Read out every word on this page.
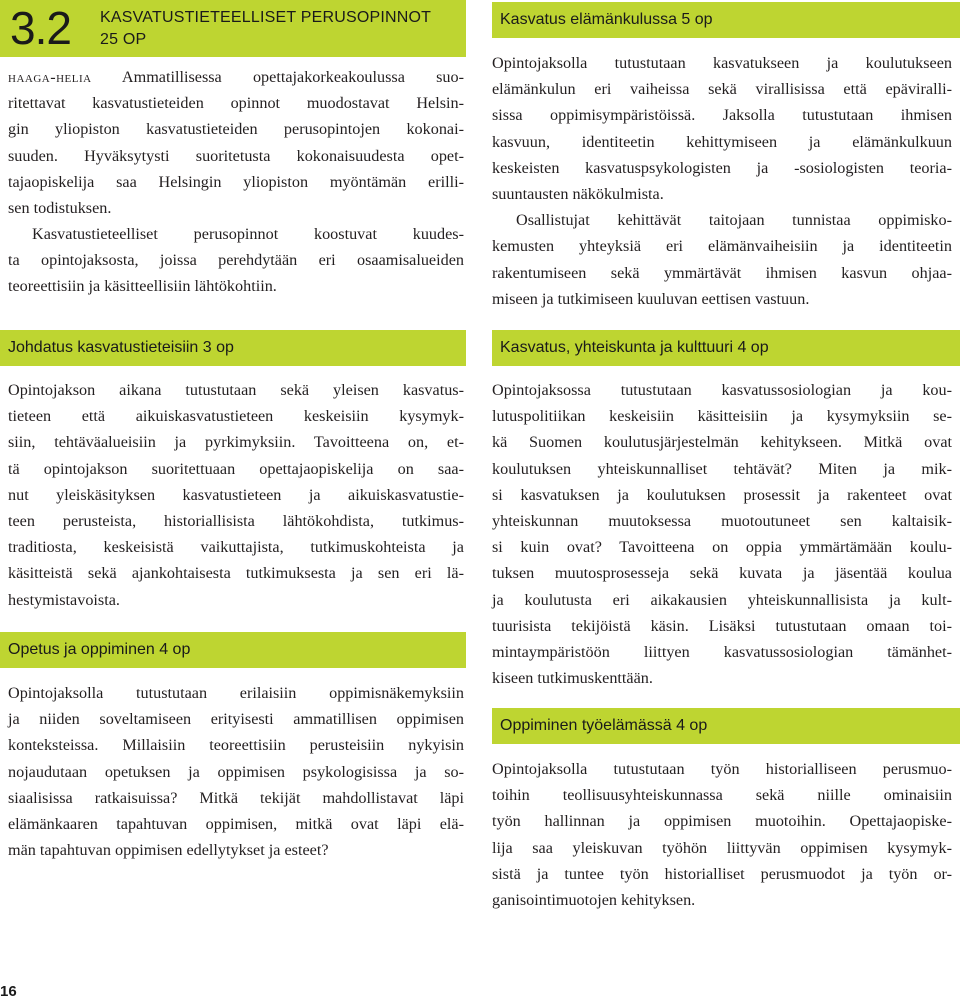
3.2 KASVATUSTIETEELLISET PERUSOPINNOT
25 OP
haaga-helia Ammatillisessa opettajakorkeakoulussa suo-
ritettavat kasvatustieteiden opinnot muodostavat Helsin-
gin yliopiston kasvatustieteiden perusopintojen kokonai-
suuden. Hyväksytysti suoritetusta kokonaisuudesta opet-
tajaopiskelija saa Helsingin yliopiston myöntämän erilli-
sen todistuksen.
Kasvatustieteelliset perusopinnot koostuvat kuudes-
ta opintojaksosta, joissa perehdytään eri osaamisalueiden
teoreettisiin ja käsitteellisiin lähtökohtiin.
Johdatus kasvatustieteisiin 3 op
Opintojakson aikana tutustutaan sekä yleisen kasvatus-
tieteen että aikuiskasvatustieteen keskeisiin kysymyk-
siin, tehtäväalueisiin ja pyrkimyksiin. Tavoitteena on, et-
tä opintojakson suoritettuaan opettajaopiskelija on saa-
nut yleiskäsityksen kasvatustieteen ja aikuiskasvatustie-
teen perusteista, historiallisista lähtökohdista, tutkimus-
traditiosta, keskeisistä vaikuttajista, tutkimuskohteista ja
käsitteistä sekä ajankohtaisesta tutkimuksesta ja sen eri lä-
hestymistavoista.
Opetus ja oppiminen 4 op
Opintojaksolla tutustutaan erilaisiin oppimisnäkemyksiin
ja niiden soveltamiseen erityisesti ammatillisen oppimisen
konteksteissa. Millaisiin teoreettisiin perusteisiin nykyisin
nojaudutaan opetuksen ja oppimisen psykologisissa ja so-
siaalisissa ratkaisuissa? Mitkä tekijät mahdollistavat läpi
elämänkaaren tapahtuvan oppimisen, mitkä ovat läpi elä-
män tapahtuvan oppimisen edellytykset ja esteet?
16
Kasvatus elämänkulussa 5 op
Opintojaksolla tutustutaan kasvatukseen ja koulutukseen
elämänkulun eri vaiheissa sekä virallisissa että epäviralli-
sissa oppimisympäristöissä. Jaksolla tutustutaan ihmisen
kasvuun, identiteetin kehittymiseen ja elämänkulkuun
keskeisten kasvatuspsykologisten ja -sosiologisten teoria-
suuntausten näkökulmista.
Osallistujat kehittävät taitojaan tunnistaa oppimisko-
kemusten yhteyksiä eri elämänvaiheisiin ja identiteetin
rakentumiseen sekä ymmärtävät ihmisen kasvun ohjaa-
miseen ja tutkimiseen kuuluvan eettisen vastuun.
Kasvatus, yhteiskunta ja kulttuuri 4 op
Opintojaksossa tutustutaan kasvatussosiologian ja kou-
lutuspolitiikan keskeisiin käsitteisiin ja kysymyksiin se-
kä Suomen koulutusjärjestelmän kehitykseen. Mitkä ovat
koulutuksen yhteiskunnalliset tehtävät? Miten ja mik-
si kasvatuksen ja koulutuksen prosessit ja rakenteet ovat
yhteiskunnan muutoksessa muotoutuneet sen kaltaisik-
si kuin ovat? Tavoitteena on oppia ymmärtämään koulu-
tuksen muutosprosesseja sekä kuvata ja jäsentää koulua
ja koulutusta eri aikakausien yhteiskunnallisista ja kult-
tuurisista tekijöistä käsin. Lisäksi tutustutaan omaan toi-
mintaympäristöön liittyen kasvatussosiologian tämänhet-
kiseen tutkimuskenttään.
Oppiminen työelämässä 4 op
Opintojaksolla tutustutaan työn historialliseen perusmuo-
toihin teollisuusyhteiskunnassa sekä niille ominaisiin
työn hallinnan ja oppimisen muotoihin. Opettajaopiske-
lija saa yleiskuvan työhön liittyvän oppimisen kysymyk-
sistä ja tuntee työn historialliset perusmuodot ja työn or-
ganisointimuotojen kehityksen.
